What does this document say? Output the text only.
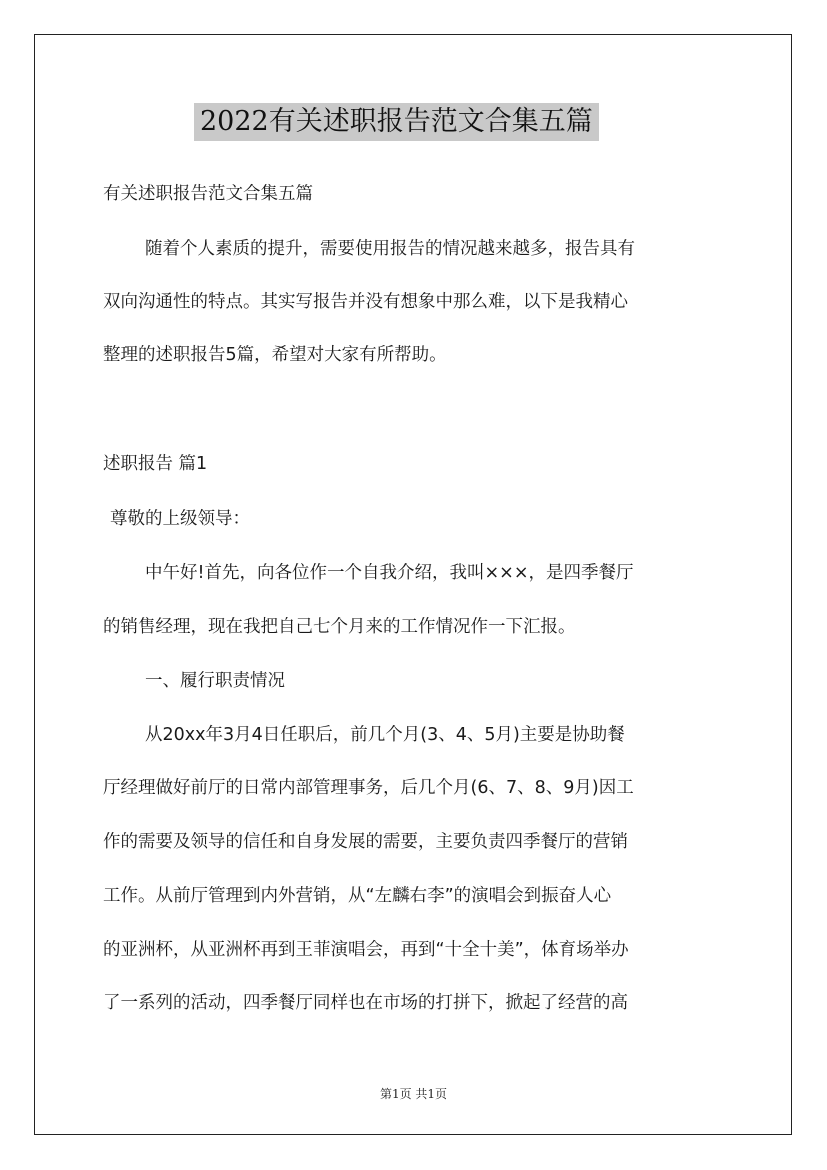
2022有关述职报告范文合集五篇
有关述职报告范文合集五篇
随着个人素质的提升，需要使用报告的情况越来越多，报告具有
双向沟通性的特点。其实写报告并没有想象中那么难，以下是我精心
整理的述职报告5篇，希望对大家有所帮助。
述职报告 篇1
尊敬的上级领导：
中午好!首先，向各位作一个自我介绍，我叫×××，是四季餐厅
的销售经理，现在我把自己七个月来的工作情况作一下汇报。
一、履行职责情况
从20xx年3月4日任职后，前几个月(3、4、5月)主要是协助餐
厅经理做好前厅的日常内部管理事务，后几个月(6、7、8、9月)因工
作的需要及领导的信任和自身发展的需要，主要负责四季餐厅的营销
工作。从前厅管理到内外营销，从“左麟右李”的演唱会到振奋人心
的亚洲杯，从亚洲杯再到王菲演唱会，再到“十全十美”，体育场举办
了一系列的活动，四季餐厅同样也在市场的打拼下，掀起了经营的高
第1页 共1页
